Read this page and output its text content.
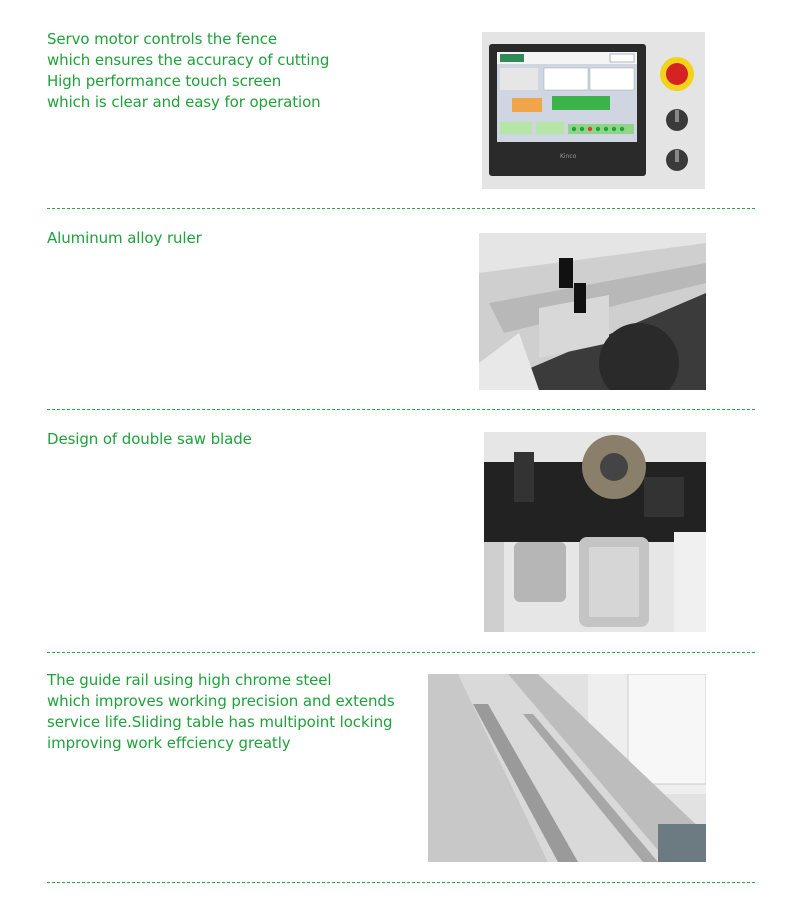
Servo motor controls the fence
which ensures the accuracy of cutting
High performance touch screen
which is clear and easy for operation
Kinco
Aluminum alloy ruler
Design of double saw blade
The guide rail using high chrome steel
which improves working precision and extends
service life.Sliding table has multipoint locking
improving work effciency greatly
